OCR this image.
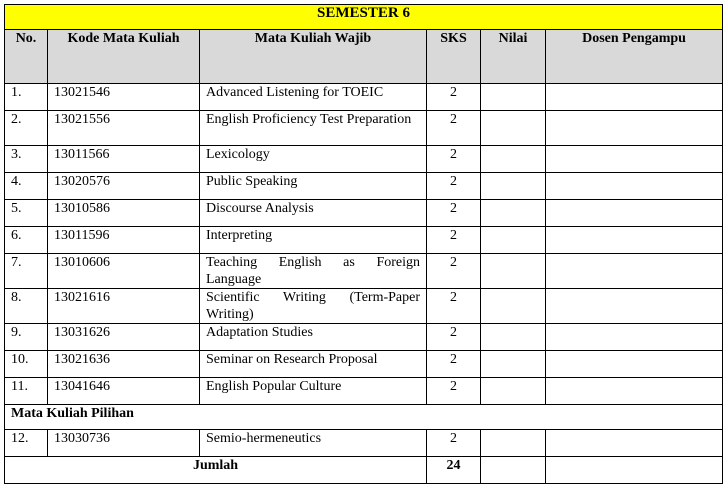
SEMESTER 6					
No.	Kode Mata Kuliah	Mata Kuliah Wajib	SKS	Nilai	Dosen Pengampu
1.	13021546	Advanced Listening for TOEIC	2		
2.	13021556	English Proficiency Test Preparation	2		
3.	13011566	Lexicology	2		
4.	13020576	Public Speaking	2		
5.	13010586	Discourse Analysis	2		
6.	13011596	Interpreting	2		
7.	13010606	Teaching English as Foreign Language	2		
8.	13021616	Scientific Writing (Term-Paper Writing)	2		
9.	13031626	Adaptation Studies	2		
10.	13021636	Seminar on Research Proposal	2		
11.	13041646	English Popular Culture	2		
Mata Kuliah Pilihan					
12.	13030736	Semio-hermeneutics	2		
Jumlah			24		
